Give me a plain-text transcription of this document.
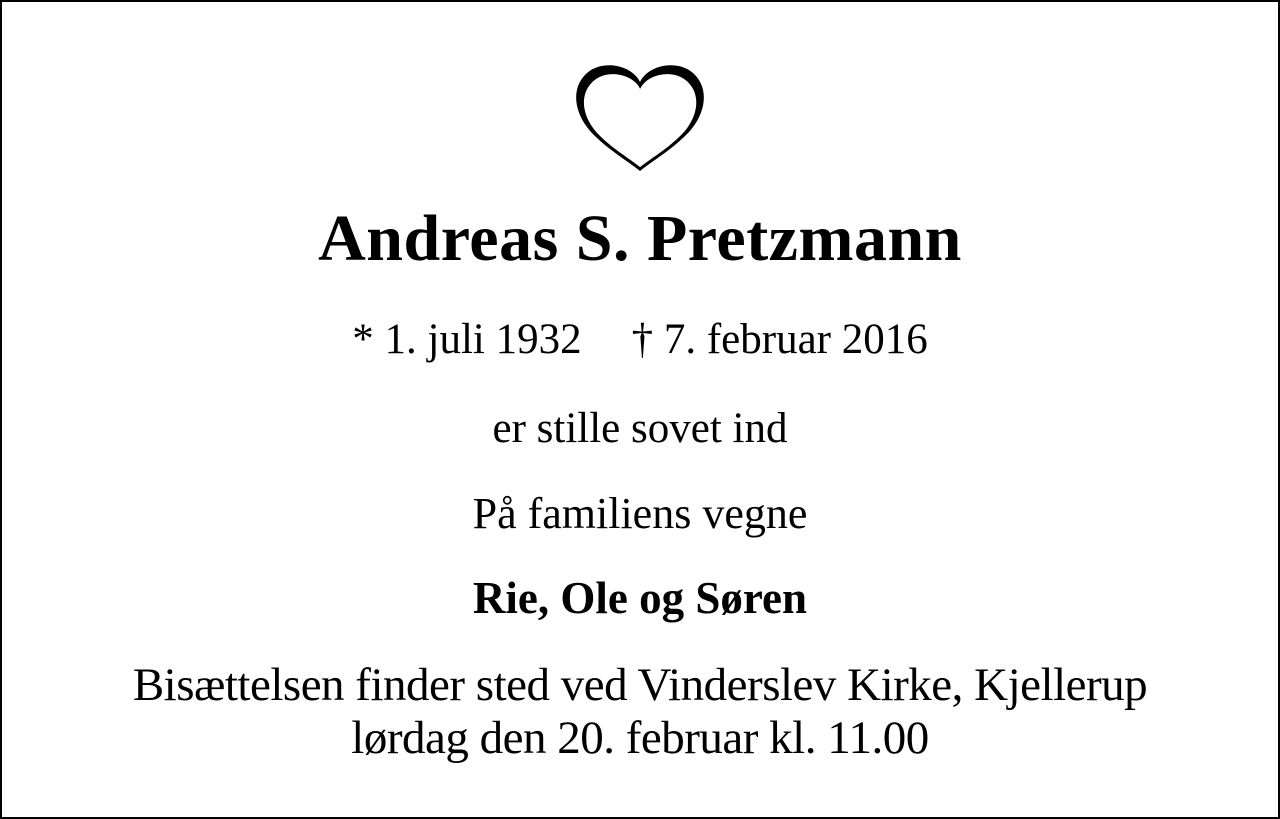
Andreas S. Pretzmann
* 1. juli 1932 † 7. februar 2016
er stille sovet ind
På familiens vegne
Rie, Ole og Søren
Bisættelsen finder sted ved Vinderslev Kirke, Kjellerup
lørdag den 20. februar kl. 11.00
